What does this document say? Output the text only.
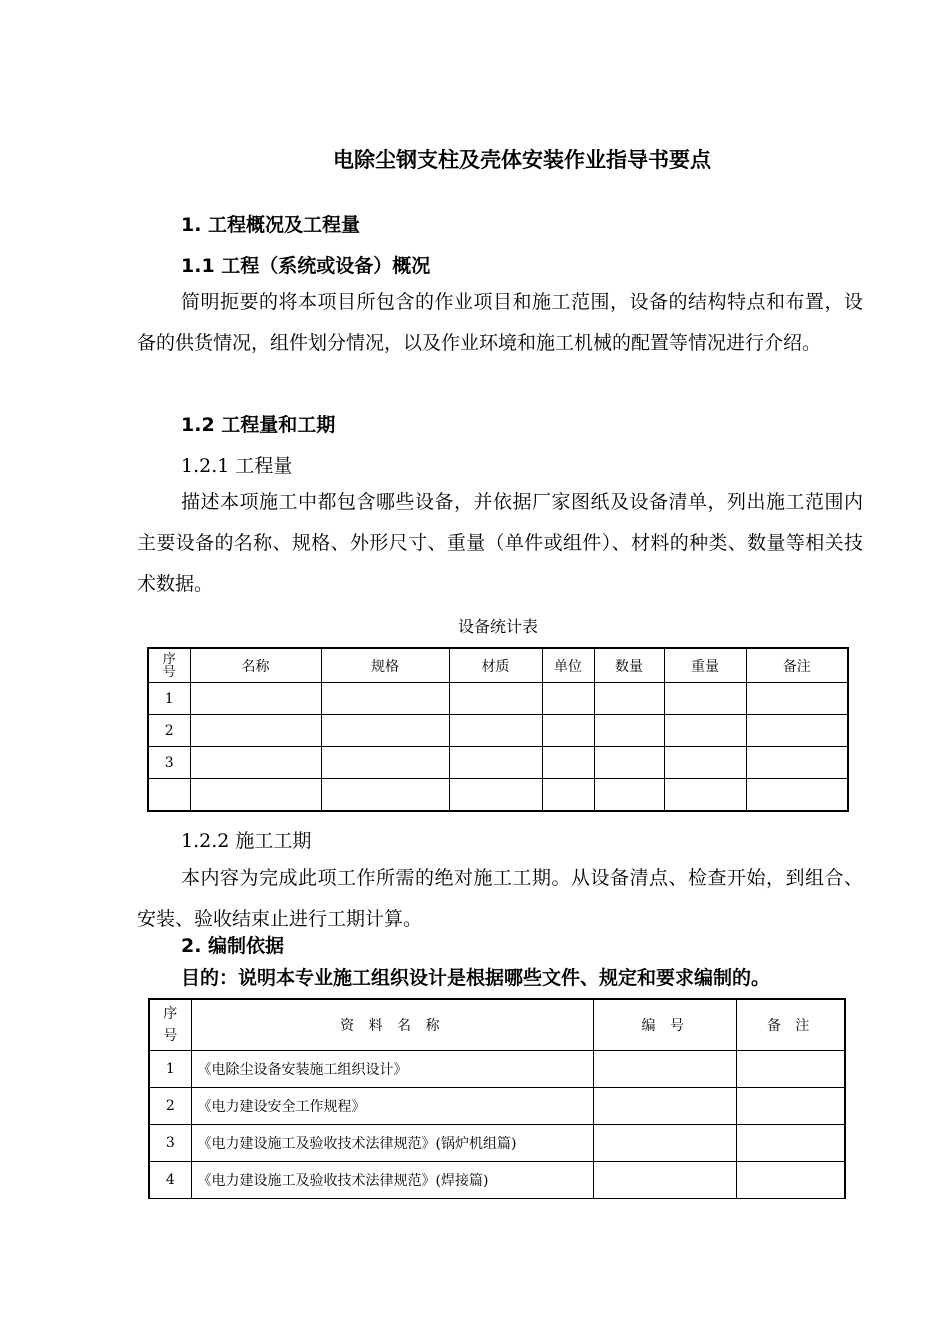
电除尘钢支柱及壳体安装作业指导书要点
1. 工程概况及工程量
1.1 工程（系统或设备）概况
简明扼要的将本项目所包含的作业项目和施工范围，设备的结构特点和布置，设备的供货情况，组件划分情况，以及作业环境和施工机械的配置等情况进行介绍。
1.2 工程量和工期
1.2.1 工程量
描述本项施工中都包含哪些设备，并依据厂家图纸及设备清单，列出施工范围内主要设备的名称、规格、外形尺寸、重量（单件或组件）、材料的种类、数量等相关技术数据。
设备统计表
序
号	名称	规格	材质	单位	数量	重量	备注
1							
2							
3							

1.2.2 施工工期
本内容为完成此项工作所需的绝对施工工期。从设备清点、检查开始，到组合、安装、验收结束止进行工期计算。
2. 编制依据
目的：说明本专业施工组织设计是根据哪些文件、规定和要求编制的。
序
号	资 料 名 称	编 号	备 注
1	《电除尘设备安装施工组织设计》		
2	《电力建设安全工作规程》		
3	《电力建设施工及验收技术法律规范》(锅炉机组篇)		
4	《电力建设施工及验收技术法律规范》(焊接篇)		
